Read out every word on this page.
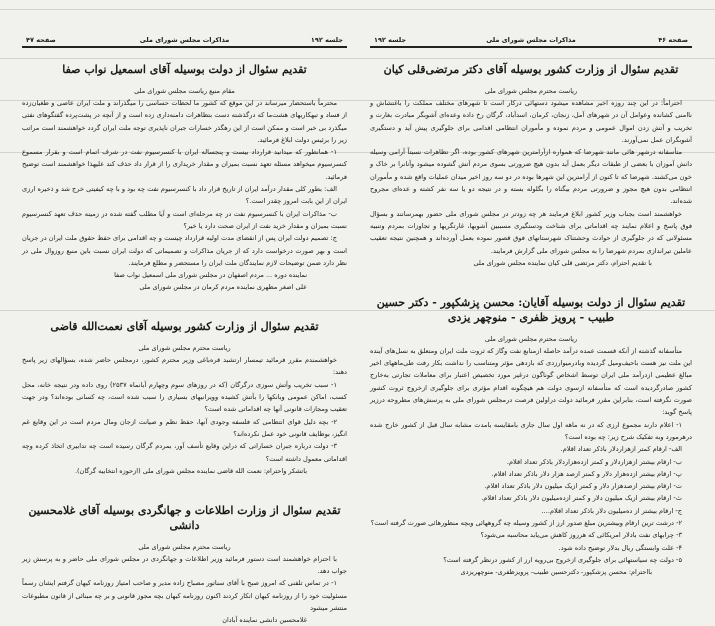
جلسه ۱۹۲
مذاکرات مجلس شورای ملی
صفحه ۴۷
تقدیم سئوال از دولت بوسیله آقای اسمعیل نواب صفا
مقام منیع ریاست مجلس شورای ملی
محترماً باستحضار میرساند در این موقع که کشور ما لحظات حساسی را میگذراند و ملت ایران عاصی و طغیان‌زده از فساد و تبهکاریهای هشت‌ما که درگذشته دست بتظاهرات دامنه‌داری زده است و از آنچه در پشت‌پرده گفتگوهای نفتی میگذرد بی خبر است و ممکن است از این رهگذر خسارات جبران ناپذیری توجه ملت ایران گردد خواهشمند است مراتب زیر را برئیس دولت ابلاغ فرمائید.
۱- همانطور که میدانید قرارداد بیست و پنجساله ایران با کنسرسیوم نفت در شرف اتمام است و بقرار مسموع کنسرسیوم میخواهد مسئله تعهد نسبت بمیزان و مقدار خریداری را از قرار داد حذف کند علیهذا خواهشمند است توضیح فرمائید.
الف: بطور کلی مقدار درآمد ایران از تاریخ قرار داد با کنسرسیوم نفت چه بود و با چه کیفیتی خرج شد و ذخیره ارزی ایران از این بابت امروز چقدر است.؟
ب- مذاکرات ایران با کنسرسیوم نفت در چه مرحله‌ای است و آیا مطلب گفته شده در زمینه حذف تعهد کنسرسیوم نسبت بمیزان و مقدار خرید نفت از ایران صحت دارد یا خیر؟
ج: تصمیم دولت ایران پس از انقضای مدت اولیه قرارداد چیست و چه اقدامی برای حفظ حقوق ملت ایران در جریان است و بهر صورت درخواست دارد که از جریان مذاکرات و تصمیماتی که دولت ایران نسبت باین منبع روزوال ملی در نظر دارد ضمن توضیحات لازم نمایندگان ملت ایران را مستحضر و مطلع فرمایند.
نماینده دوره ... مردم اصفهان در مجلس شورای ملی اسمعیل نواب صفا
علی اصغر مظهری نماینده مردم کرمان در مجلس شورای ملی
تقدیم سئوال از وزارت کشور بوسیله آقای نعمت‌الله قاضی
ریاست محترم مجلس شورای ملی
خواهشمندم مقرر فرمائید تیمسار ارتشبد قره‌باغی وزیر محترم کشور، درمجلس حاضر شده، بسؤالهای زیر پاسخ دهند:
۱- سبب تخریب وآتش سوزی درگرگان (که در روزهای سوم وچهارم آبانماه ۲۵۳۷) روی داده ودر نتیجه خانه، محل کسب، اماکن عمومی وبانکها را بآتش کشیده وویرانیهای بسیاری را سبب شده است، چه کسانی بوده‌اند؟ ودر جهت تعقیب ومجازات قانونی آنها چه اقداماتی شده است؟
۲- بچه دلیل قوای انتظامی که فلسفه وجودی آنها، حفظ نظم و صیانت ازجان ومال مردم است در این وقایع غم انگیز، بوظایف قانونی خود عمل نکرده‌اند؟
۳- دولت درباره جبران خساراتی که دراین وقایع تأسف آور، بمردم گرگان رسیده است چه تدابیری اتخاذ کرده وچه اقداماتی معمول داشته است؟
باتشکر واحترام: نعمت الله قاضی نماینده مجلس شورای ملی (ازحوزه انتخابیه گرگان).
تقدیم سئوال از وزارت اطلاعات و جهانگردی بوسیله آقای غلامحسین دانشی
ریاست محترم مجلس شورای ملی
با احترام خواهشمند است دستور فرمائید وزیر اطلاعات و جهانگردی در مجلس شورای ملی حاضر و به پرسش زیر جواب دهد.
۱- در تماس تلفنی که امروز صبح با آقای سناتور مصباح زاده مدیر و صاحب امتیاز روزنامه کیهان گرفتم ایشان رسماً مسئولیت خود را از روزنامه کیهان انکار کردند اکنون روزنامه کیهان بچه مجوز قانونی و بر چه مبنائی از قانون مطبوعات منتشر میشود
غلامحسین دانشی نماینده آبادان
صفحه ۴۶
مذاکرات مجلس شورای ملی
جلسه ۱۹۲
تقدیم سئوال از وزارت کشور بوسیله آقای دکتر مرتضی‌قلی کیان
ریاست محترم مجلس شورای ملی
احتراماً: در این چند روزه اخیر مشاهده میشود دستهائی درکار است تا شهرهای مختلف مملکت را باغتشاش و ناامنی کشانده وعوامل آن در شهرهای آمل، زنجان، کرمان، اسدآباد، گرگان رخ داده وعده‌ای آشوبگر مبادرت بغارت و تخریب و آتش زدن اموال عمومی و مردم نموده و مأموران انتظامی اقدامی برای جلوگیری پیش آید و دستگیری آشوبگران عمل نمی‌آورند.
متأسفانه درشهر هائی مانند شهرضا که همواره ازآرامترین شهرهای کشور بوده، اگر تظاهرات نسبتاً آرامی وسیله دانش آموزان با بعضی از طبقات دیگر بعمل آید بدون هیچ ضرورتی بسوی مردم آتش گشوده میشود وآنانرا بر خاک و خون می‌کشند. شهرضا که تا کنون از آرامترین این شهرها بوده در دو سه روز اخیر میدان عملیات واقع شده و مأموران انتظامی بدون هیچ مجوز و ضرورتی مردم بیگناه را بگلوله بسته و در نتیجه دو یا سه نفر کشته و عده‌ای مجروح شده‌اند.
خواهشمند است بجناب وزیر کشور ابلاغ فرمایند هر چه زودتر در مجلس شورای ملی حضور بهمرسانند و بسؤال فوق پاسخ و اعلام نمایند چه اقداماتی برای شناخت ودستگیری مسببین آشوبها، غارتگریها و تجاوزات بمردم وتنبیه مسئولانی که در جلوگیری از حوادث وحشتناک شهرستانهای فوق قصور نموده بعمل آورده‌اند و همچنین نتیجه تعقیب عاملین تیراندازی بمردم شهرضا را به مجلس شورای ملی گزارش فرمایند.
با تقدیم احترام، دکتر مرتضی قلی کیان نماینده مجلس شورای ملی
تقدیم سئوال از دولت بوسیله آقایان: محسن پزشکپور - دکتر حسین طبیب - پرویز ظفری - منوچهر یزدی
ریاست محترم مجلس شورای ملی
متأسفانه گذشته از آنکه قسمت عمده درآمد حاصله ازمنابع نفت وگاز که ثروت ملت ایران ومتعلق به نسل‌های آینده این ملت نیز هست باحیف‌ومیل گردیده وبادرمیوارزدی که بازدهی مؤثر ومتناسب را نداشت بکار رفت طی‌ماههای اخیر مبالغ عظیمی ازدرآمد ملی ایران توسط اشخاص گوناگون درغیر مورد تخصیص اعتبار برای معاملات تجارتی به‌خارج کشور صادرگردیده است که متأسفانه ازسوی دولت هم هیچگونه اقدام مؤثری برای جلوگیری ازخروج ثروت کشور صورت نگرفته است، بنابراین مقرر فرمائید دولت دراولین فرصت درمجلس شورای ملی به پرسش‌های مطروحه درزیر پاسخ گوید:
۱- اعلام دارند مجموع ارزی که در نه ماهه اول سال جاری بامقایسه بامدت مشابه سال قبل از کشور خارج شده درهرمورد وبه تفکیک شرح زیر: چه بوده است؟
الف- ارقام کمتر ازهزاردلار باذکر تعداد اقلام.
ب- ارقام بیشتر ازهزاردلار و کمتر ازده‌هزاردلار باذکر تعداد اقلام.
پ- ارقام بیشتر ازده‌هزار دلار و کمتر ازصد هزار دلار باذکر تعداد اقلام.
ت- ارقام بیشتر ازصدهزار دلار و کمتر ازیک میلیون دلار باذکر تعداد اقلام.
ث- ارقام بیشتر ازیک میلیون دلار و کمتر ازده‌میلیون دلار باذکر تعداد اقلام.
ج- ارقام بیشتر از ده‌میلیون دلار باذکر تعداد اقلام....
۲- درشت ترین ارقام وبیشترین مبلغ صدور ارز از کشور وسیله چه گروههائی وبچه منظورهائی صورت گرفته است؟
۳- چرابهای نفت بادلار امریکائی که هرروز کاهش می‌یابد محاسبه می‌شود؟
۴- علت وابستگی ریال بدلار توضیح داده شود.
۵- دولت چه سیاستهائی برای جلوگیری ازخروج بی‌رویه ارز از کشور درنظر گرفته است؟
بااحترام: محسن پزشکپور- دکترحسین طبیب- پرویزظفری- منوچهریزدی
